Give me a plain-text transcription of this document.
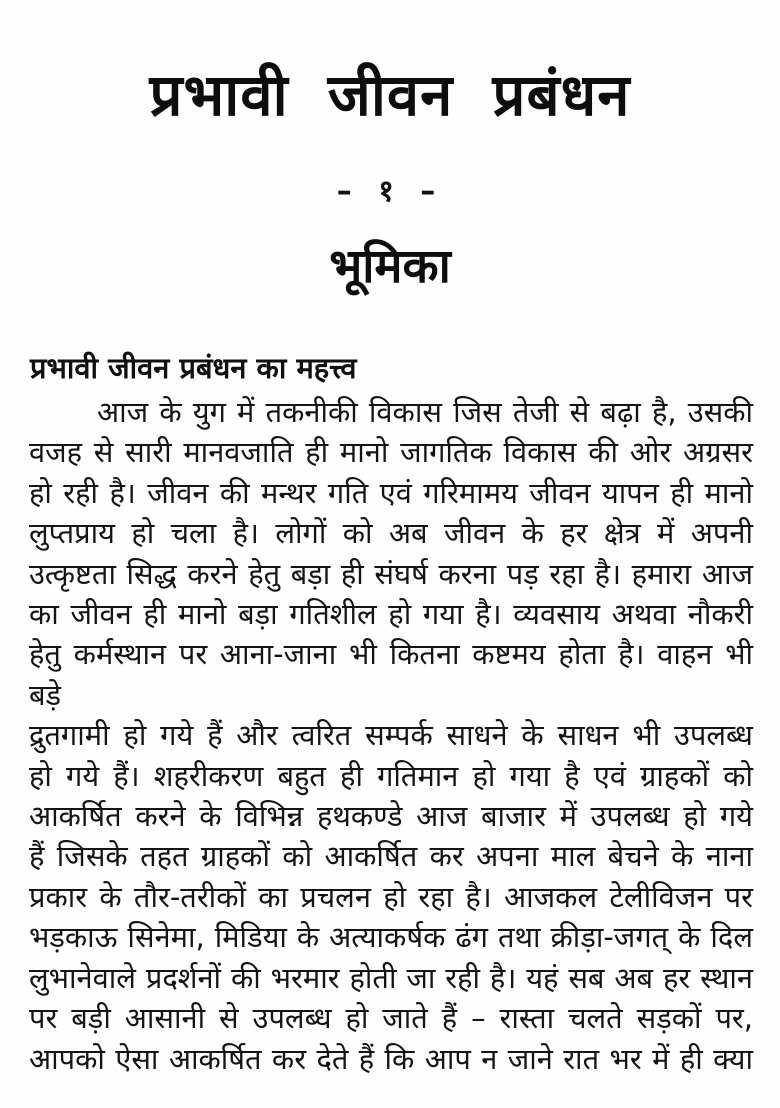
प्रभावी जीवन प्रबंधन
– १ –
भूमिका
प्रभावी जीवन प्रबंधन का महत्त्व
आज के युग में तकनीकी विकास जिस तेजी से बढ़ा है, उसकी
वजह से सारी मानवजाति ही मानो जागतिक विकास की ओर अग्रसर
हो रही है। जीवन की मन्थर गति एवं गरिमामय जीवन यापन ही मानो
लुप्तप्राय हो चला है। लोगों को अब जीवन के हर क्षेत्र में अपनी
उत्कृष्टता सिद्ध करने हेतु बड़ा ही संघर्ष करना पड़ रहा है। हमारा आज
का जीवन ही मानो बड़ा गतिशील हो गया है। व्यवसाय अथवा नौकरी
हेतु कर्मस्थान पर आना-जाना भी कितना कष्टमय होता है। वाहन भी बड़े
द्रुतगामी हो गये हैं और त्वरित सम्पर्क साधने के साधन भी उपलब्ध
हो गये हैं। शहरीकरण बहुत ही गतिमान हो गया है एवं ग्राहकों को
आकर्षित करने के विभिन्न हथकण्डे आज बाजार में उपलब्ध हो गये
हैं जिसके तहत ग्राहकों को आकर्षित कर अपना माल बेचने के नाना
प्रकार के तौर-तरीकों का प्रचलन हो रहा है। आजकल टेलीविजन पर
भड़काऊ सिनेमा, मिडिया के अत्याकर्षक ढंग तथा क्रीड़ा-जगत् के दिल
लुभानेवाले प्रदर्शनों की भरमार होती जा रही है। यहं सब अब हर स्थान
पर बड़ी आसानी से उपलब्ध हो जाते हैं – रास्ता चलते सड़कों पर,
आपको ऐसा आकर्षित कर देते हैं कि आप न जाने रात भर में ही क्या
